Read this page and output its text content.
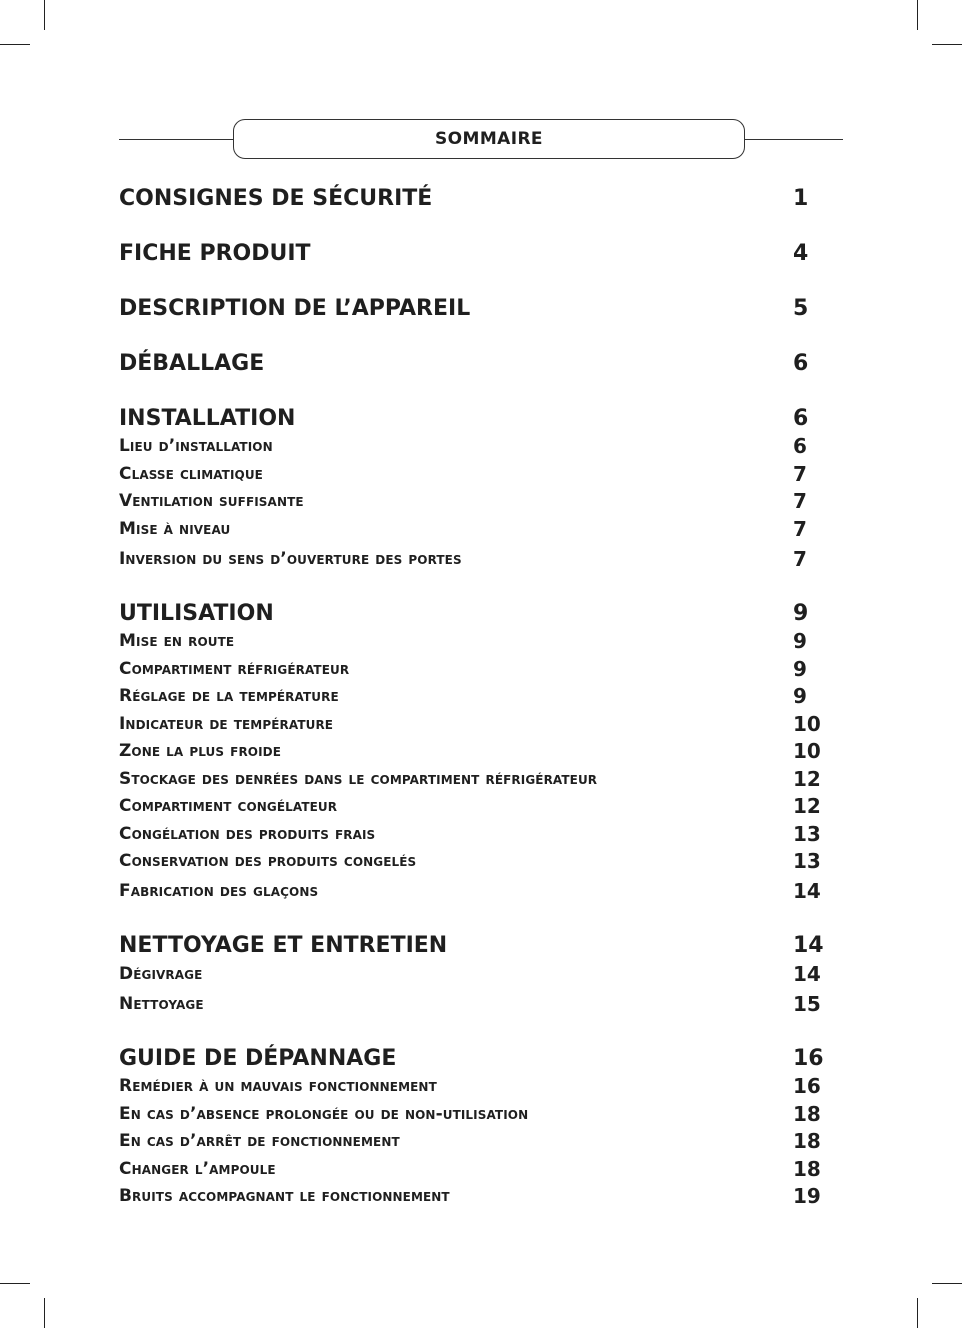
SOMMAIRE
CONSIGNES DE SÉCURITÉ	1
FICHE PRODUIT	4
DESCRIPTION DE L’APPAREIL	5
DÉBALLAGE	6
INSTALLATION	6
Lieu d’installation	6
Classe climatique	7
Ventilation suffisante	7
Mise à niveau	7
Inversion du sens d’ouverture des portes	7
UTILISATION	9
Mise en route	9
Compartiment réfrigérateur	9
Réglage de la température	9
Indicateur de température	10
Zone la plus froide	10
Stockage des denrées dans le compartiment réfrigérateur	12
Compartiment congélateur	12
Congélation des produits frais	13
Conservation des produits congelés	13
Fabrication des glaçons	14
NETTOYAGE ET ENTRETIEN	14
Dégivrage	14
Nettoyage	15
GUIDE DE DÉPANNAGE	16
Remédier à un mauvais fonctionnement	16
En cas d’absence prolongée ou de non-utilisation	18
En cas d’arrêt de fonctionnement	18
Changer l’ampoule	18
Bruits accompagnant le fonctionnement	19
